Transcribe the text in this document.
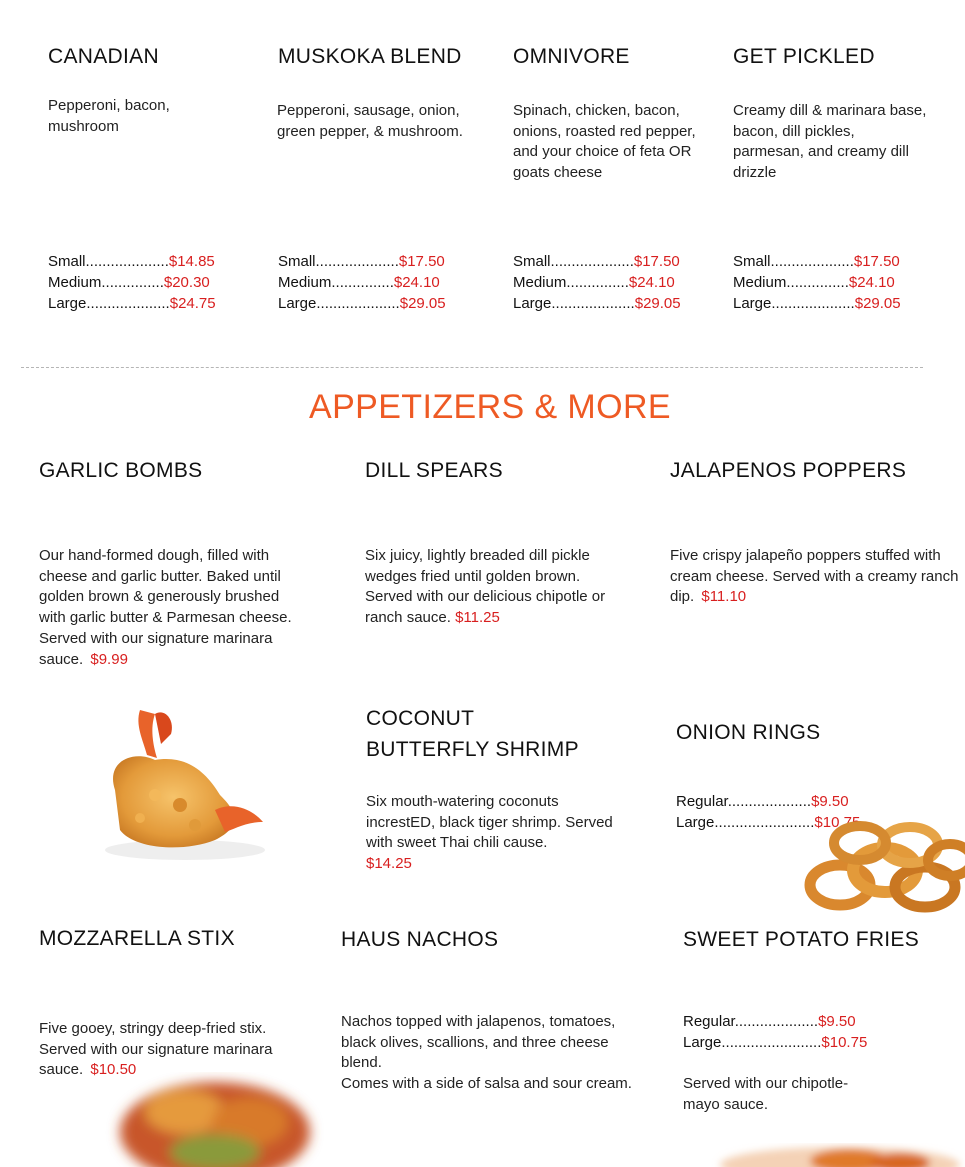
CANADIAN
Pepperoni, bacon, mushroom
Small....................$14.85
Medium...............$20.30
Large....................$24.75
MUSKOKA BLEND
Pepperoni, sausage, onion, green pepper, & mushroom.
Small....................$17.50
Medium...............$24.10
Large....................$29.05
OMNIVORE
Spinach, chicken, bacon, onions, roasted red pepper, and your choice of feta OR goats cheese
Small....................$17.50
Medium...............$24.10
Large....................$29.05
GET PICKLED
Creamy dill & marinara base, bacon, dill pickles, parmesan, and creamy dill drizzle
Small....................$17.50
Medium...............$24.10
Large....................$29.05
APPETIZERS & MORE
GARLIC BOMBS
Our hand-formed dough, filled with cheese and garlic butter. Baked until golden brown & generously brushed with garlic butter & Parmesan cheese. Served with our signature marinara sauce. $9.99
DILL SPEARS
Six juicy, lightly breaded dill pickle wedges fried until golden brown. Served with our delicious chipotle or ranch sauce. $11.25
JALAPENOS POPPERS
Five crispy jalapeño poppers stuffed with cream cheese. Served with a creamy ranch dip. $11.10
COCONUT
BUTTERFLY SHRIMP
Six mouth-watering coconuts increstED, black tiger shrimp. Served with sweet Thai chili cause.
$14.25
ONION RINGS
Regular....................$9.50
Large........................$10.75
MOZZARELLA STIX
Five gooey, stringy deep-fried stix. Served with our signature marinara sauce. $10.50
HAUS NACHOS
Nachos topped with jalapenos, tomatoes, black olives, scallions, and three cheese blend.
Comes with a side of salsa and sour cream.
SWEET POTATO FRIES
Regular....................$9.50
Large........................$10.75
Served with our chipotle-mayo sauce.
